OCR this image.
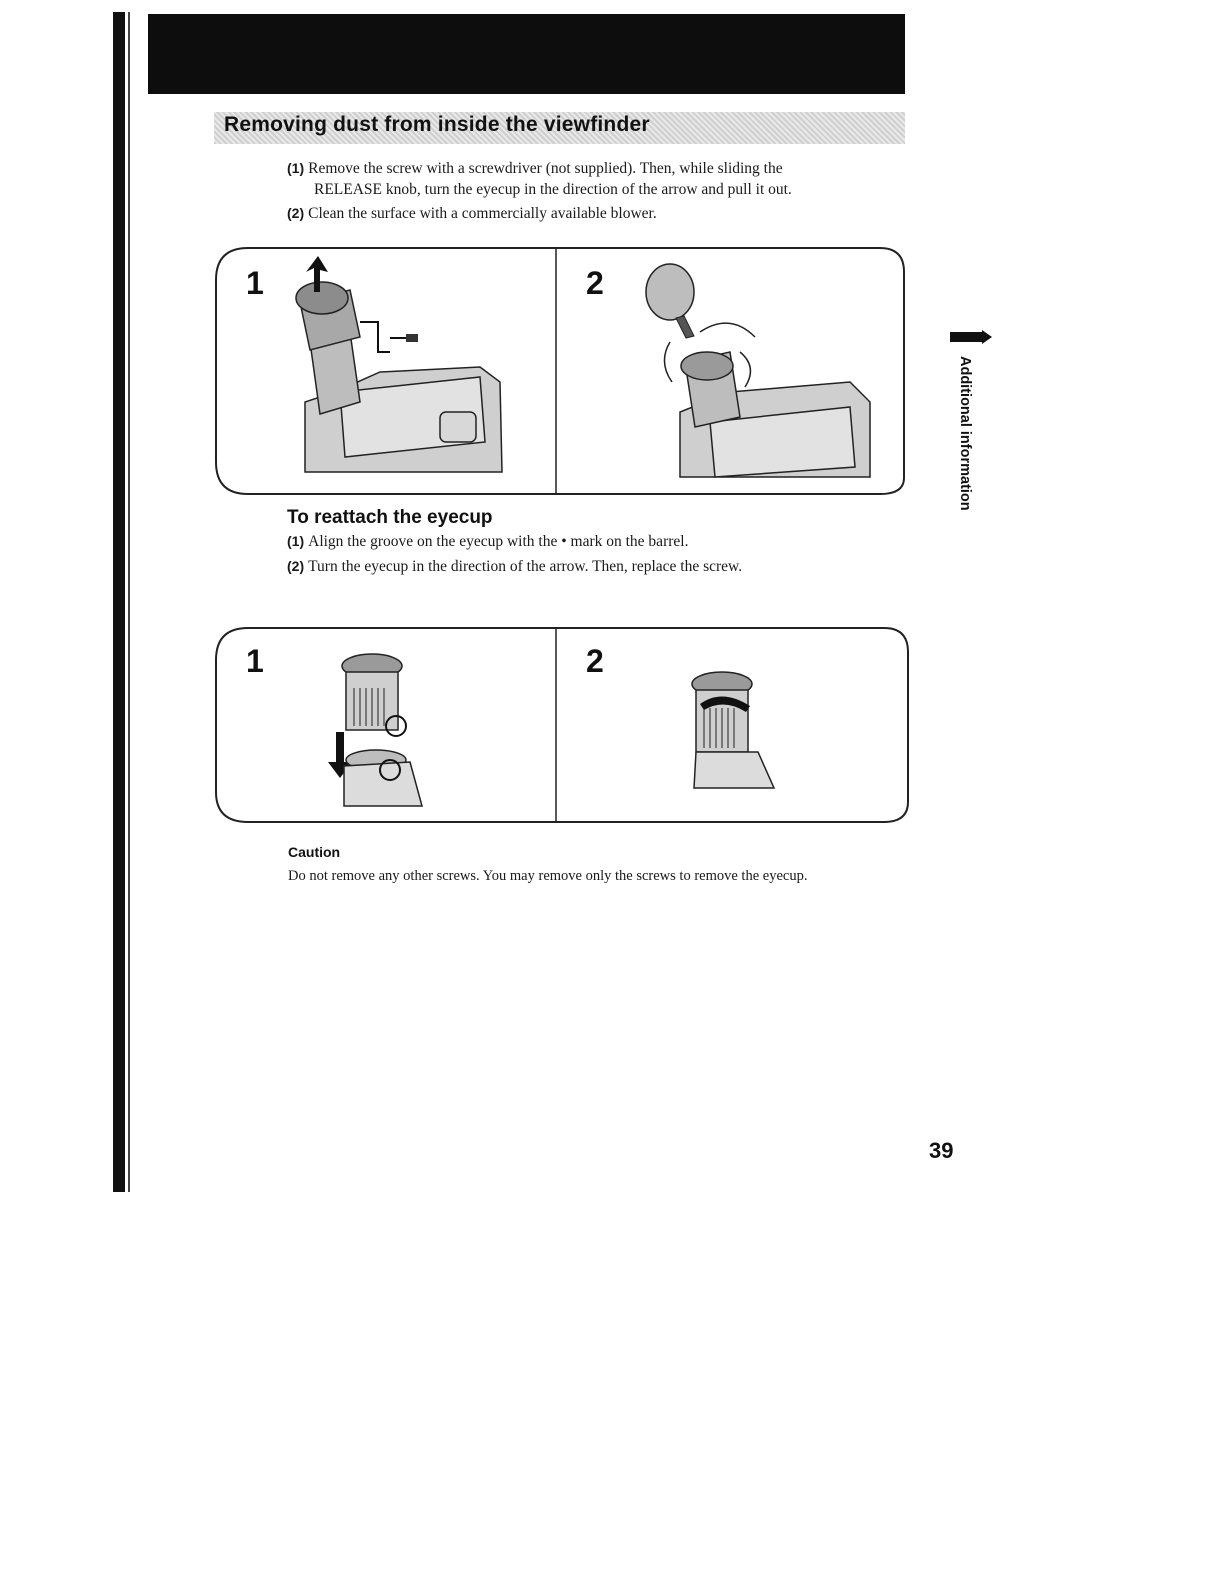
Removing dust from inside the viewfinder
(1) Remove the screw with a screwdriver (not supplied). Then, while sliding the
RELEASE knob, turn the eyecup in the direction of the arrow and pull it out.
(2) Clean the surface with a commercially available blower.
1	2
To reattach the eyecup
(1) Align the groove on the eyecup with the • mark on the barrel.
(2) Turn the eyecup in the direction of the arrow. Then, replace the screw.
1	2
Caution
Do not remove any other screws. You may remove only the screws to remove the eyecup.
Additional information
39
